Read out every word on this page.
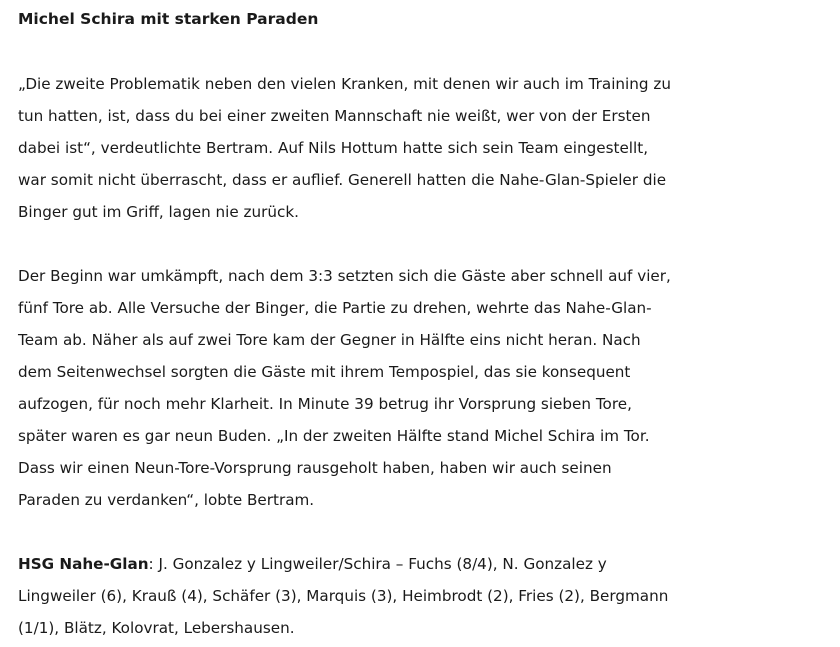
Michel Schira mit starken Paraden

„Die zweite Problematik neben den vielen Kranken, mit denen wir auch im Training zu
tun hatten, ist, dass du bei einer zweiten Mannschaft nie weißt, wer von der Ersten
dabei ist“, verdeutlichte Bertram. Auf Nils Hottum hatte sich sein Team eingestellt,
war somit nicht überrascht, dass er auflief. Generell hatten die Nahe-Glan-Spieler die
Binger gut im Griff, lagen nie zurück.

Der Beginn war umkämpft, nach dem 3:3 setzten sich die Gäste aber schnell auf vier,
fünf Tore ab. Alle Versuche der Binger, die Partie zu drehen, wehrte das Nahe-Glan-
Team ab. Näher als auf zwei Tore kam der Gegner in Hälfte eins nicht heran. Nach
dem Seitenwechsel sorgten die Gäste mit ihrem Tempospiel, das sie konsequent
aufzogen, für noch mehr Klarheit. In Minute 39 betrug ihr Vorsprung sieben Tore,
später waren es gar neun Buden. „In der zweiten Hälfte stand Michel Schira im Tor.
Dass wir einen Neun-Tore-Vorsprung rausgeholt haben, haben wir auch seinen
Paraden zu verdanken“, lobte Bertram.

HSG Nahe-Glan: J. Gonzalez y Lingweiler/Schira – Fuchs (8/4), N. Gonzalez y
Lingweiler (6), Krauß (4), Schäfer (3), Marquis (3), Heimbrodt (2), Fries (2), Bergmann
(1/1), Blätz, Kolovrat, Lebershausen.
